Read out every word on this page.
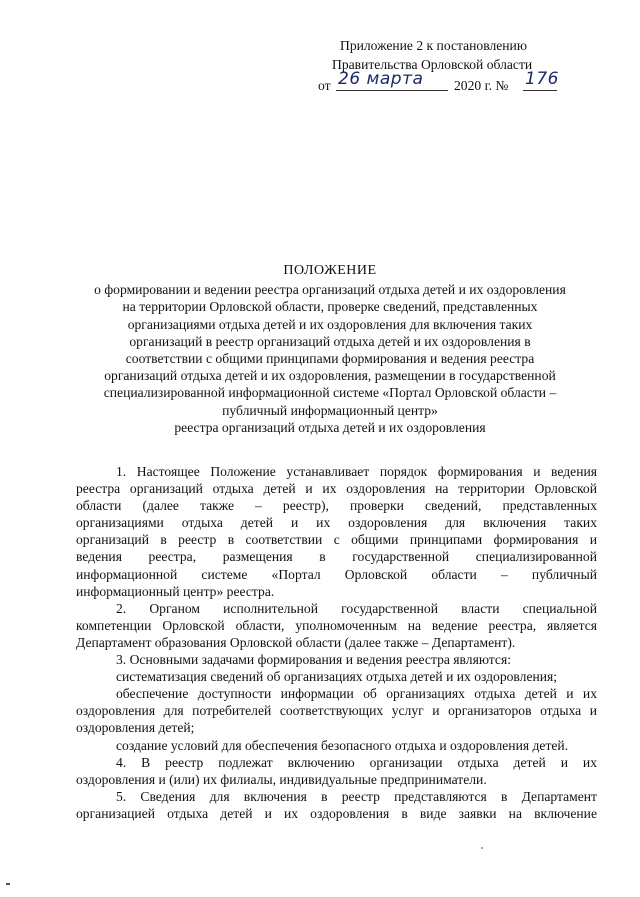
Приложение 2 к постановлению
Правительства Орловской области
от 26 марта 2020 г. № 176
ПОЛОЖЕНИЕ
о формировании и ведении реестра организаций отдыха детей и их оздоровления
на территории Орловской области, проверке сведений, представленных
организациями отдыха детей и их оздоровления для включения таких
организаций в реестр организаций отдыха детей и их оздоровления в
соответствии с общими принципами формирования и ведения реестра
организаций отдыха детей и их оздоровления, размещении в государственной
специализированной информационной системе «Портал Орловской области –
публичный информационный центр»
реестра организаций отдыха детей и их оздоровления
1. Настоящее Положение устанавливает порядок формирования и ведения
реестра организаций отдыха детей и их оздоровления на территории Орловской
области (далее также – реестр), проверки сведений, представленных
организациями отдыха детей и их оздоровления для включения таких
организаций в реестр в соответствии с общими принципами формирования и
ведения реестра, размещения в государственной специализированной
информационной системе «Портал Орловской области – публичный
информационный центр» реестра.
2. Органом исполнительной государственной власти специальной
компетенции Орловской области, уполномоченным на ведение реестра, является
Департамент образования Орловской области (далее также – Департамент).
3. Основными задачами формирования и ведения реестра являются:
систематизация сведений об организациях отдыха детей и их оздоровления;
обеспечение доступности информации об организациях отдыха детей и их
оздоровления для потребителей соответствующих услуг и организаторов отдыха и
оздоровления детей;
создание условий для обеспечения безопасного отдыха и оздоровления детей.
4. В реестр подлежат включению организации отдыха детей и их
оздоровления и (или) их филиалы, индивидуальные предприниматели.
5. Сведения для включения в реестр представляются в Департамент
организацией отдыха детей и их оздоровления в виде заявки на включение
